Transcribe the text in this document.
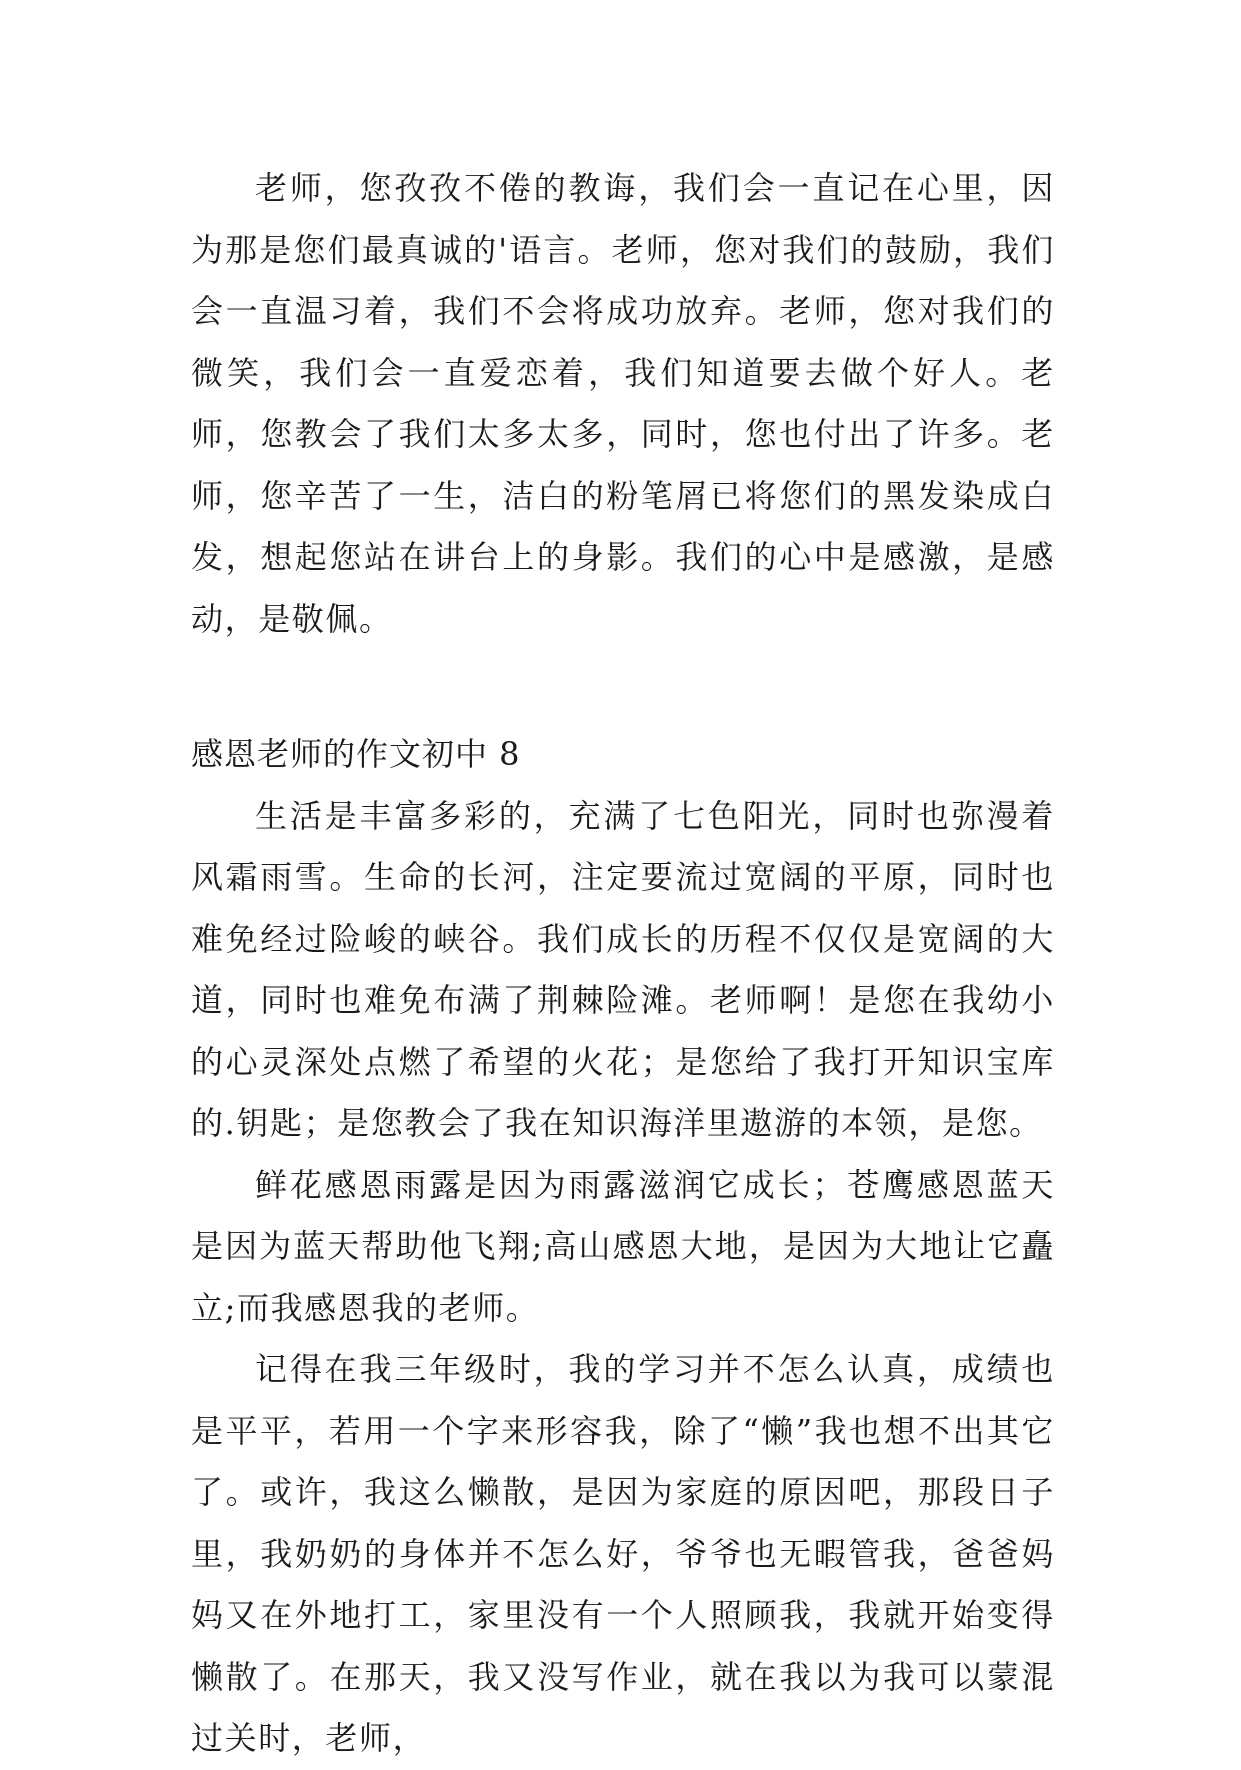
老师，您孜孜不倦的教诲，我们会一直记在心里，因为那是您们最真诚的'语言。老师，您对我们的鼓励，我们会一直温习着，我们不会将成功放弃。老师，您对我们的微笑，我们会一直爱恋着，我们知道要去做个好人。老师，您教会了我们太多太多，同时，您也付出了许多。老师，您辛苦了一生，洁白的粉笔屑已将您们的黑发染成白发，想起您站在讲台上的身影。我们的心中是感激，是感动，是敬佩。

感恩老师的作文初中 8

生活是丰富多彩的，充满了七色阳光，同时也弥漫着风霜雨雪。生命的长河，注定要流过宽阔的平原，同时也难免经过险峻的峡谷。我们成长的历程不仅仅是宽阔的大道，同时也难免布满了荆棘险滩。老师啊！是您在我幼小的心灵深处点燃了希望的火花；是您给了我打开知识宝库的.钥匙；是您教会了我在知识海洋里遨游的本领，是您。

鲜花感恩雨露是因为雨露滋润它成长；苍鹰感恩蓝天是因为蓝天帮助他飞翔;高山感恩大地，是因为大地让它矗立;而我感恩我的老师。

记得在我三年级时，我的学习并不怎么认真，成绩也是平平，若用一个字来形容我，除了“懒”我也想不出其它了。或许，我这么懒散，是因为家庭的原因吧，那段日子里，我奶奶的身体并不怎么好，爷爷也无暇管我，爸爸妈妈又在外地打工，家里没有一个人照顾我，我就开始变得懒散了。在那天，我又没写作业，就在我以为我可以蒙混过关时，老师，
